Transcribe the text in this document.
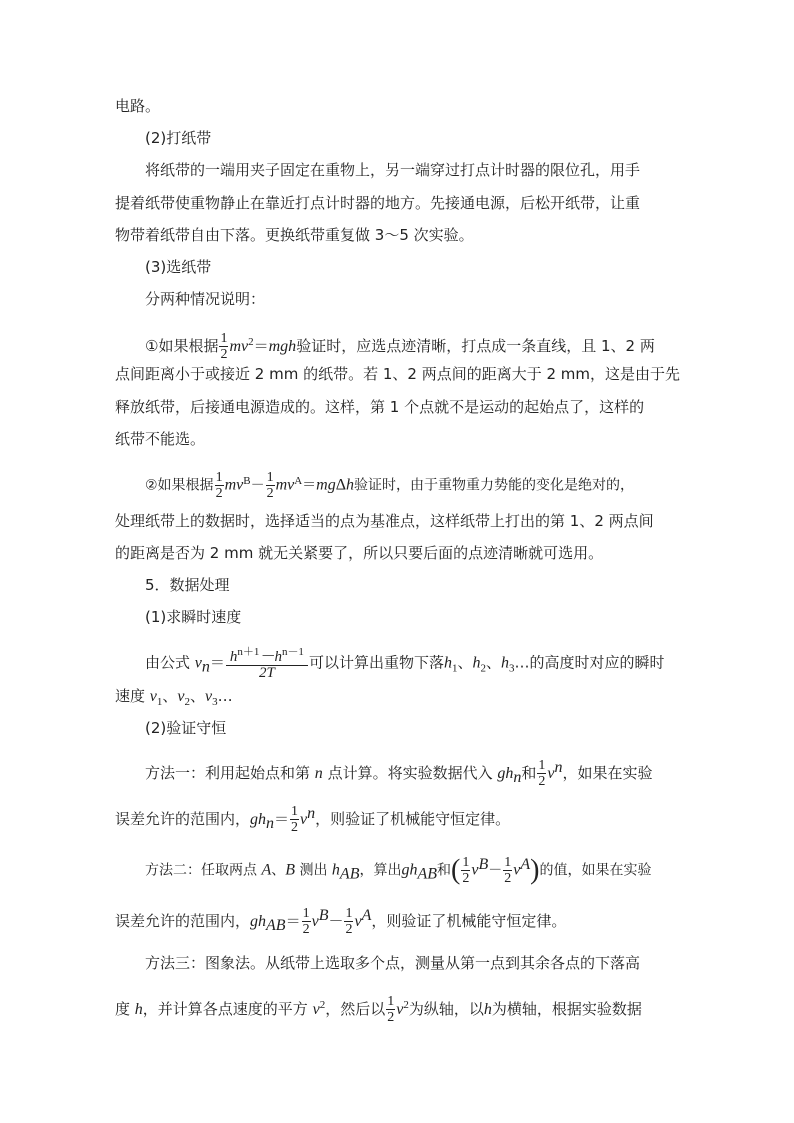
电路。
(2)打纸带
将纸带的一端用夹子固定在重物上，另一端穿过打点计时器的限位孔，用手
提着纸带使重物静止在靠近打点计时器的地方。先接通电源，后松开纸带，让重
物带着纸带自由下落。更换纸带重复做 3～5 次实验。
(3)选纸带
分两种情况说明：
①如果根据 $\frac{1}{2} mv^2=mgh$验证时，应选点迹清晰，打点成一条直线，且 1、2 两
点间距离小于或接近 2 mm 的纸带。若 1、2 两点间的距离大于 2 mm，这是由于先
释放纸带，后接通电源造成的。这样，第 1 个点就不是运动的起始点了，这样的
纸带不能选。
②如果根据 $\frac{1}{2} mv^B- \frac{1}{2} mv^A=mg\Delta h$验证时，由于重物重力势能的变化是绝对的，
处理纸带上的数据时，选择适当的点为基准点，这样纸带上打出的第 1、2 两点间
的距离是否为 2 mm 就无关紧要了，所以只要后面的点迹清晰就可选用。
5．数据处理
(1)求瞬时速度
由公式 $v_n= \frac{h^{n+1}-h^{n-1}}{2T}$ 可以计算出重物下落$h_1$、$h_2$、$h_3\dots$的高度时对应的瞬时
速度 $v_1$、$v_2$、$v_3\dots$
(2)验证守恒
方法一：利用起始点和第 n 点计算。将实验数据代入 $gh_n$和 $\frac{1}{2} v^n$，如果在实验
误差允许的范围内，$gh_n= \frac{1}{2} v^n$，则验证了机械能守恒定律。
方法二：任取两点 A、B 测出 $h_{AB}$，算出$gh_{AB}$和( $\frac{1}{2} v^B- \frac{1}{2} v^A$)的值，如果在实验
误差允许的范围内，$gh_{AB}= \frac{1}{2} v^B- \frac{1}{2} v^A$，则验证了机械能守恒定律。
方法三：图象法。从纸带上选取多个点，测量从第一点到其余各点的下落高
度 h，并计算各点速度的平方 $v^2$，然后以 $\frac{1}{2} v^2$为纵轴，以h为横轴，根据实验数据
